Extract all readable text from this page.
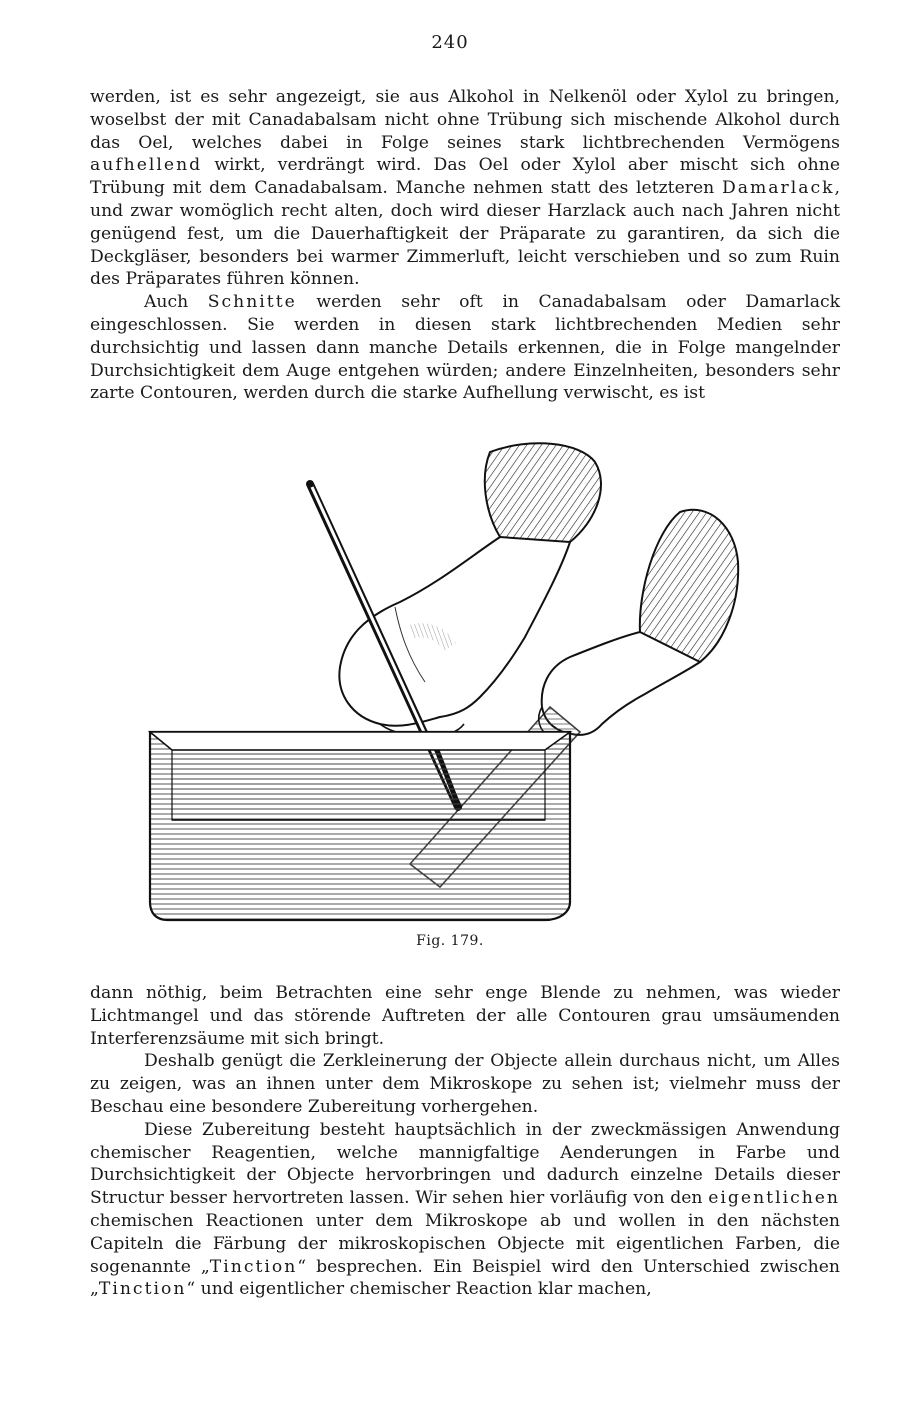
240

werden, ist es sehr angezeigt, sie aus Alkohol in Nelkenöl oder Xylol zu bringen, woselbst der mit Canadabalsam nicht ohne Trübung sich mischende Alkohol durch das Oel, welches dabei in Folge seines stark lichtbrechenden Vermögens aufhellend wirkt, verdrängt wird. Das Oel oder Xylol aber mischt sich ohne Trübung mit dem Canadabalsam. Manche nehmen statt des letzteren Damarlack, und zwar womöglich recht alten, doch wird dieser Harzlack auch nach Jahren nicht genügend fest, um die Dauerhaftigkeit der Präparate zu garantiren, da sich die Deckgläser, besonders bei warmer Zimmerluft, leicht verschieben und so zum Ruin des Präparates führen können.

Auch Schnitte werden sehr oft in Canadabalsam oder Damarlack eingeschlossen. Sie werden in diesen stark lichtbrechenden Medien sehr durchsichtig und lassen dann manche Details erkennen, die in Folge mangelnder Durchsichtigkeit dem Auge entgehen würden; andere Einzelnheiten, besonders sehr zarte Contouren, werden durch die starke Aufhellung verwischt, es ist

Fig. 179.

dann nöthig, beim Betrachten eine sehr enge Blende zu nehmen, was wieder Lichtmangel und das störende Auftreten der alle Contouren grau umsäumenden Interferenzsäume mit sich bringt.

Deshalb genügt die Zerkleinerung der Objecte allein durchaus nicht, um Alles zu zeigen, was an ihnen unter dem Mikroskope zu sehen ist; vielmehr muss der Beschau eine besondere Zubereitung vorhergehen.

Diese Zubereitung besteht hauptsächlich in der zweckmässigen Anwendung chemischer Reagentien, welche mannigfaltige Aenderungen in Farbe und Durchsichtigkeit der Objecte hervorbringen und dadurch einzelne Details dieser Structur besser hervortreten lassen. Wir sehen hier vorläufig von den eigentlichen chemischen Reactionen unter dem Mikroskope ab und wollen in den nächsten Capiteln die Färbung der mikroskopischen Objecte mit eigentlichen Farben, die sogenannte „Tinction“ besprechen. Ein Beispiel wird den Unterschied zwischen „Tinction“ und eigentlicher chemischer Reaction klar machen,
